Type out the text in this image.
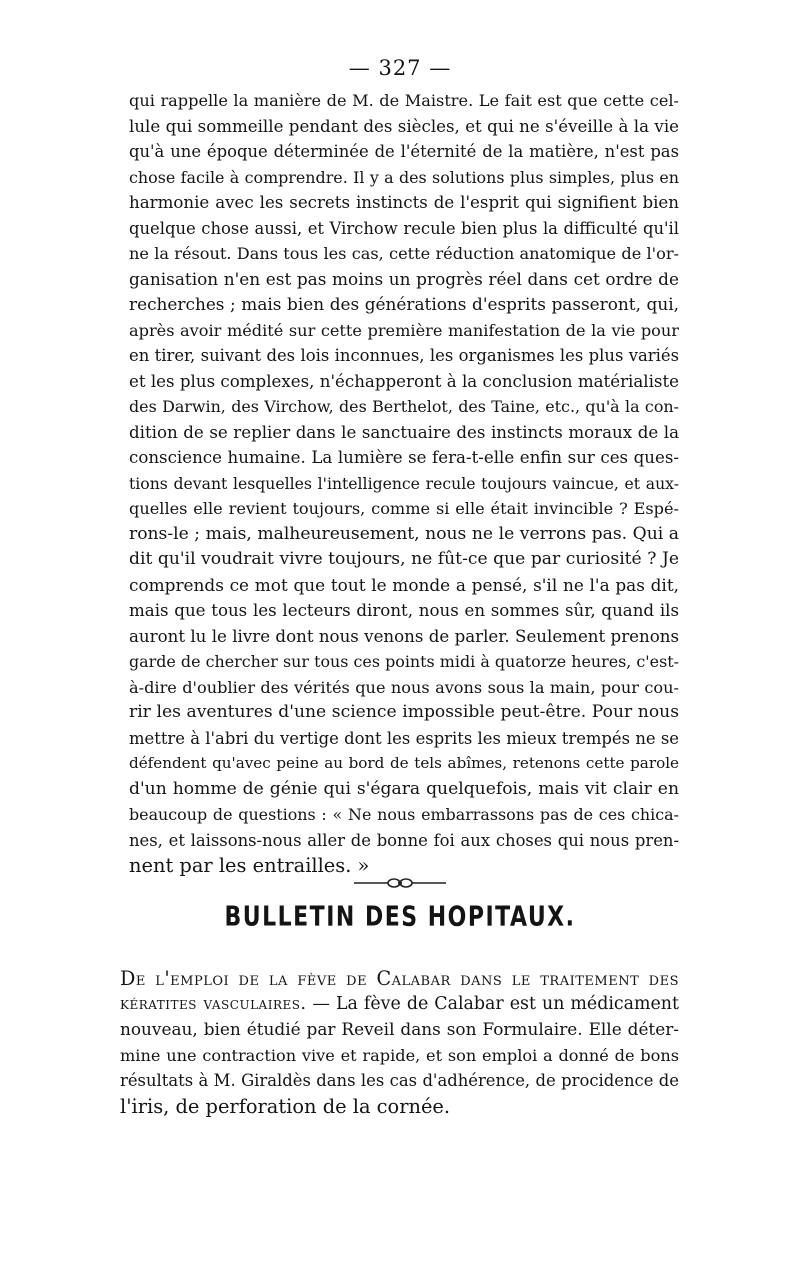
— 327 —
qui rappelle la manière de M. de Maistre. Le fait est que cette cel-
lule qui sommeille pendant des siècles, et qui ne s'éveille à la vie
qu'à une époque déterminée de l'éternité de la matière, n'est pas
chose facile à comprendre. Il y a des solutions plus simples, plus en
harmonie avec les secrets instincts de l'esprit qui signifient bien
quelque chose aussi, et Virchow recule bien plus la difficulté qu'il
ne la résout. Dans tous les cas, cette réduction anatomique de l'or-
ganisation n'en est pas moins un progrès réel dans cet ordre de
recherches ; mais bien des générations d'esprits passeront, qui,
après avoir médité sur cette première manifestation de la vie pour
en tirer, suivant des lois inconnues, les organismes les plus variés
et les plus complexes, n'échapperont à la conclusion matérialiste
des Darwin, des Virchow, des Berthelot, des Taine, etc., qu'à la con-
dition de se replier dans le sanctuaire des instincts moraux de la
conscience humaine. La lumière se fera-t-elle enfin sur ces ques-
tions devant lesquelles l'intelligence recule toujours vaincue, et aux-
quelles elle revient toujours, comme si elle était invincible ? Espé-
rons-le ; mais, malheureusement, nous ne le verrons pas. Qui a
dit qu'il voudrait vivre toujours, ne fût-ce que par curiosité ? Je
comprends ce mot que tout le monde a pensé, s'il ne l'a pas dit,
mais que tous les lecteurs diront, nous en sommes sûr, quand ils
auront lu le livre dont nous venons de parler. Seulement prenons
garde de chercher sur tous ces points midi à quatorze heures, c'est-
à-dire d'oublier des vérités que nous avons sous la main, pour cou-
rir les aventures d'une science impossible peut-être. Pour nous
mettre à l'abri du vertige dont les esprits les mieux trempés ne se
défendent qu'avec peine au bord de tels abîmes, retenons cette parole
d'un homme de génie qui s'égara quelquefois, mais vit clair en
beaucoup de questions : « Ne nous embarrassons pas de ces chica-
nes, et laissons-nous aller de bonne foi aux choses qui nous pren-
nent par les entrailles. »
BULLETIN DES HOPITAUX.
De l'emploi de la fève de Calabar dans le traitement des
kératites vasculaires. — La fève de Calabar est un médicament
nouveau, bien étudié par Reveil dans son Formulaire. Elle déter-
mine une contraction vive et rapide, et son emploi a donné de bons
résultats à M. Giraldès dans les cas d'adhérence, de procidence de
l'iris, de perforation de la cornée.
